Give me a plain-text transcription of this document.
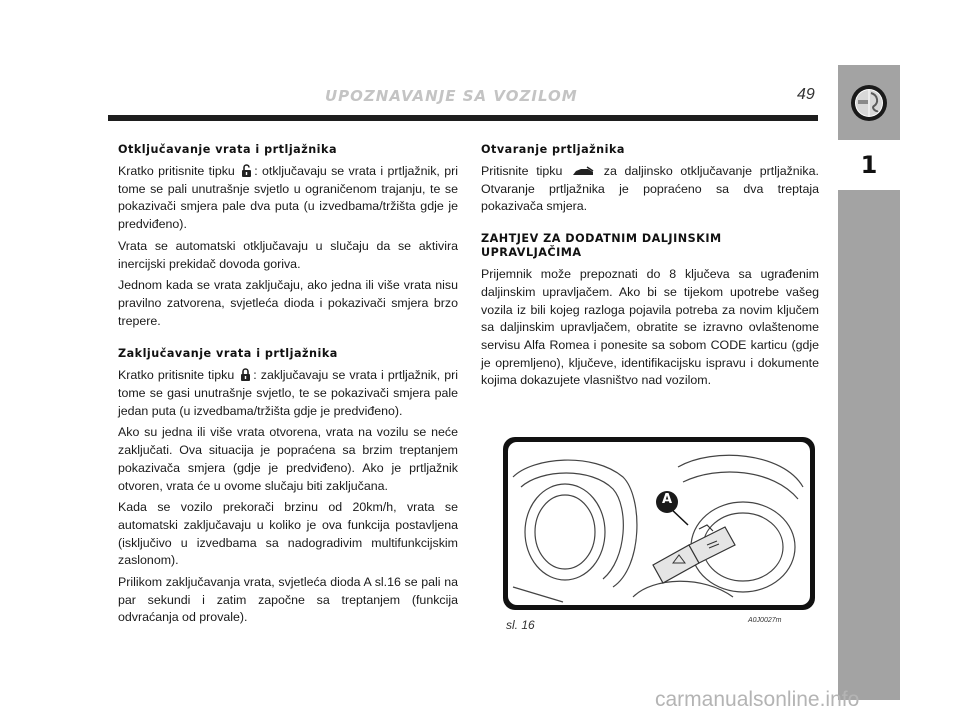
UPOZNAVANJE SA VOZILOM	49
1
Otključavanje vrata i prtljažnika

Kratko pritisnite tipku : otključavaju se vrata i prtljažnik, pri tome se pali unutrašnje svjetlo u ograničenom trajanju, te se pokazivači smjera pale dva puta (u izvedbama/tržišta gdje je predviđeno).

Vrata se automatski otključavaju u slučaju da se aktivira inercijski prekidač dovoda goriva.

Jednom kada se vrata zaključaju, ako jedna ili više vrata nisu pravilno zatvorena, svjetleća dioda i pokazivači smjera brzo trepere.

Zaključavanje vrata i prtljažnika

Kratko pritisnite tipku : zaključavaju se vrata i prtljažnik, pri tome se gasi unutrašnje svjetlo, te se pokazivači smjera pale jedan puta (u izvedbama/tržišta gdje je predviđeno).

Ako su jedna ili više vrata otvorena, vrata na vozilu se neće zaključati. Ova situacija je popraćena sa brzim treptanjem pokazivača smjera (gdje je predviđeno). Ako je prtljažnik otvoren, vrata će u ovome slučaju biti zaključana.

Kada se vozilo prekorači brzinu od 20km/h, vrata se automatski zaključavaju u koliko je ova funkcija postavljena (isključivo u izvedbama sa nadogradivim multifunkcijskim zaslonom).

Prilikom zaključavanja vrata, svjetleća dioda A sl.16 se pali na par sekundi i zatim započne sa treptanjem (funkcija odvraćanja od provale).

Otvaranje prtljažnika

Pritisnite tipku	za daljinsko otključavanje prtljažnika. Otvaranje prtljažnika je popraćeno sa dva treptaja pokazivača smjera.

ZAHTJEV ZA DODATNIM DALJINSKIM
UPRAVLJAČIMA

Prijemnik može prepoznati do 8 ključeva sa ugrađenim daljinskim upravljačem. Ako bi se tijekom upotrebe vašeg vozila iz bili kojeg razloga pojavila potreba za novim ključem sa daljinskim upravljačem, obratite se izravno ovlaštenome servisu Alfa Romea i ponesite sa sobom CODE karticu (gdje je opremljeno), ključeve, identifikacijsku ispravu i dokumente kojima dokazujete vlasništvo nad vozilom.

A
sl. 16	A0J0027m
carmanualsonline.info
